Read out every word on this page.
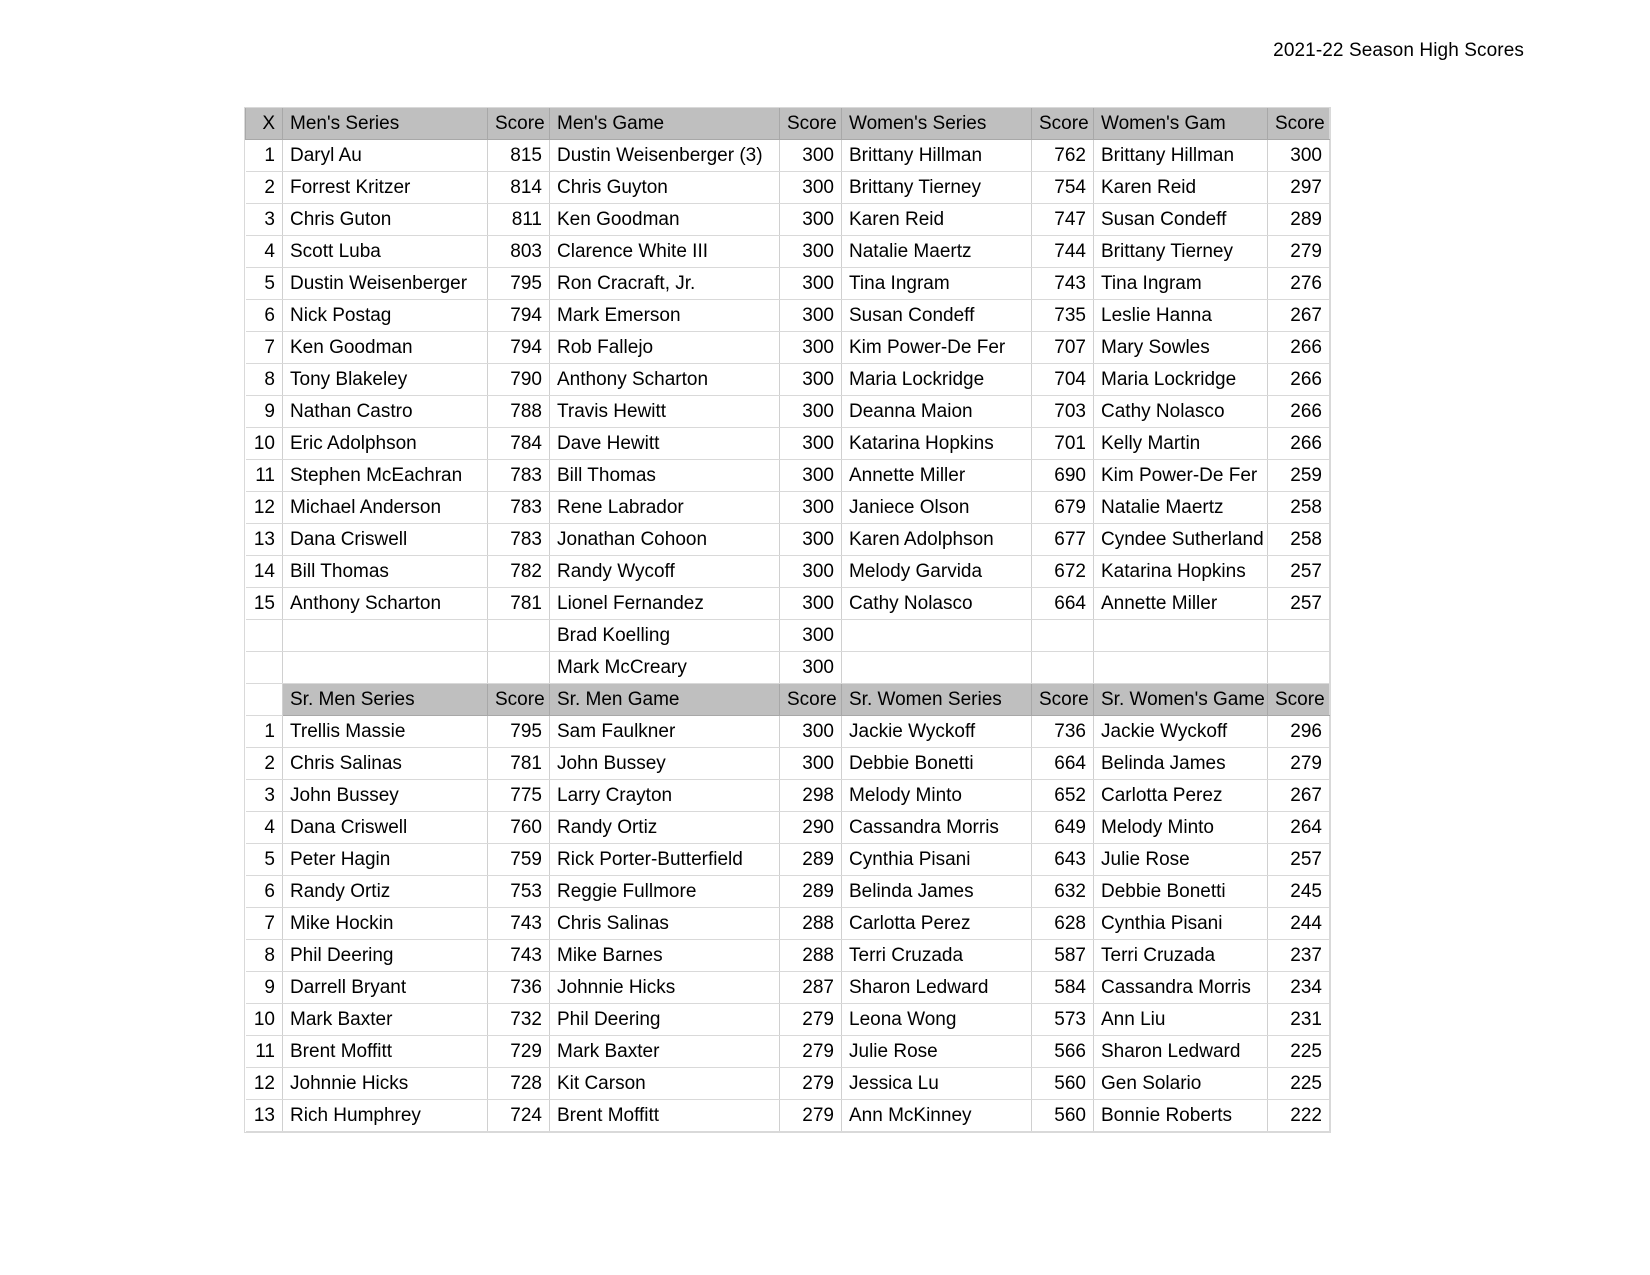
2021-22 Season High Scores
X	Men's Series	Score	Men's Game	Score	Women's Series	Score	Women's Gam	Score
1	Daryl Au	815	Dustin Weisenberger (3)	300	Brittany Hillman	762	Brittany Hillman	300
2	Forrest Kritzer	814	Chris Guyton	300	Brittany Tierney	754	Karen Reid	297
3	Chris Guton	811	Ken Goodman	300	Karen Reid	747	Susan Condeff	289
4	Scott Luba	803	Clarence White III	300	Natalie Maertz	744	Brittany Tierney	279
5	Dustin Weisenberger	795	Ron Cracraft, Jr.	300	Tina Ingram	743	Tina Ingram	276
6	Nick Postag	794	Mark Emerson	300	Susan Condeff	735	Leslie Hanna	267
7	Ken Goodman	794	Rob Fallejo	300	Kim Power-De Fer	707	Mary Sowles	266
8	Tony Blakeley	790	Anthony Scharton	300	Maria Lockridge	704	Maria Lockridge	266
9	Nathan Castro	788	Travis Hewitt	300	Deanna Maion	703	Cathy Nolasco	266
10	Eric Adolphson	784	Dave Hewitt	300	Katarina Hopkins	701	Kelly Martin	266
11	Stephen McEachran	783	Bill Thomas	300	Annette Miller	690	Kim Power-De Fer	259
12	Michael Anderson	783	Rene Labrador	300	Janiece Olson	679	Natalie Maertz	258
13	Dana Criswell	783	Jonathan Cohoon	300	Karen Adolphson	677	Cyndee Sutherland	258
14	Bill Thomas	782	Randy Wycoff	300	Melody Garvida	672	Katarina Hopkins	257
15	Anthony Scharton	781	Lionel Fernandez	300	Cathy Nolasco	664	Annette Miller	257
			Brad Koelling	300				
			Mark McCreary	300				
	Sr. Men Series	Score	Sr. Men Game	Score	Sr. Women Series	Score	Sr. Women's Game	Score
1	Trellis Massie	795	Sam Faulkner	300	Jackie Wyckoff	736	Jackie Wyckoff	296
2	Chris Salinas	781	John Bussey	300	Debbie Bonetti	664	Belinda James	279
3	John Bussey	775	Larry Crayton	298	Melody Minto	652	Carlotta Perez	267
4	Dana Criswell	760	Randy Ortiz	290	Cassandra Morris	649	Melody Minto	264
5	Peter Hagin	759	Rick Porter-Butterfield	289	Cynthia Pisani	643	Julie Rose	257
6	Randy Ortiz	753	Reggie Fullmore	289	Belinda James	632	Debbie Bonetti	245
7	Mike Hockin	743	Chris Salinas	288	Carlotta Perez	628	Cynthia Pisani	244
8	Phil Deering	743	Mike Barnes	288	Terri Cruzada	587	Terri Cruzada	237
9	Darrell Bryant	736	Johnnie Hicks	287	Sharon Ledward	584	Cassandra Morris	234
10	Mark Baxter	732	Phil Deering	279	Leona Wong	573	Ann Liu	231
11	Brent Moffitt	729	Mark Baxter	279	Julie Rose	566	Sharon Ledward	225
12	Johnnie Hicks	728	Kit Carson	279	Jessica Lu	560	Gen Solario	225
13	Rich Humphrey	724	Brent Moffitt	279	Ann McKinney	560	Bonnie Roberts	222
